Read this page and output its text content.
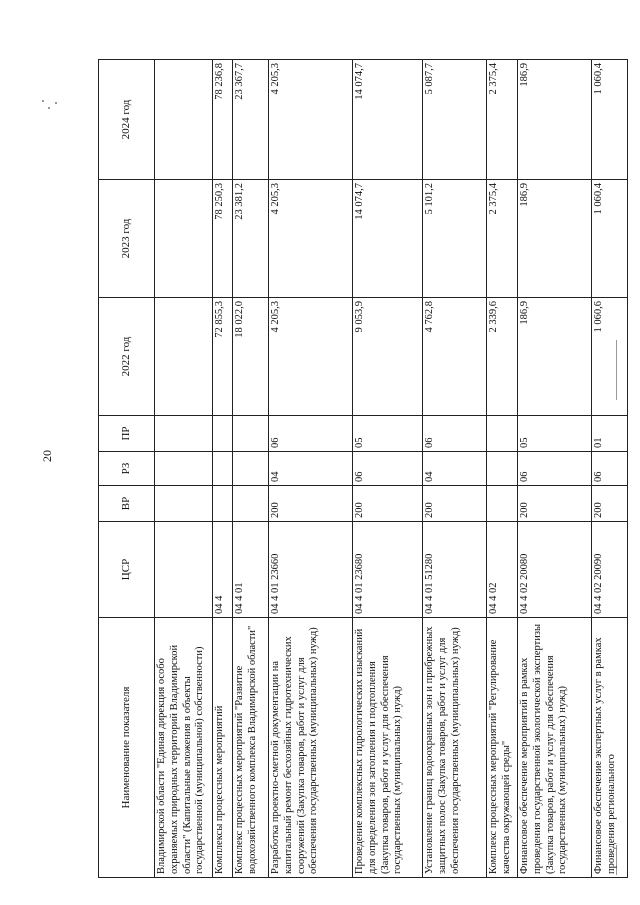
20
Наименование показателя	ЦСР	ВР	РЗ	ПР	2022 год	2023 год	2024 год
Владимирской области "Единая дирекция особо охраняемых природных территорий Владимирской области" (Капитальные вложения в объекты государственной (муниципальной) собственности)							
Комплексы процессных мероприятий	04 4				72 855,3	78 250,3	78 236,8
Комплекс процессных мероприятий "Развитие водохозяйственного комплекса Владимирской области"	04 4 01				18 022,0	23 381,2	23 367,7
Разработка проектно-сметной документации на капитальный ремонт бесхозяйных гидротехнических сооружений (Закупка товаров, работ и услуг для обеспечения государственных (муниципальных) нужд)	04 4 01 23660	200	04	06	4 205,3	4 205,3	4 205,3
Проведение комплексных гидрологических изысканий для определения зон затопления и подтопления (Закупка товаров, работ и услуг для обеспечения государственных (муниципальных) нужд)	04 4 01 23680	200	06	05	9 053,9	14 074,7	14 074,7
Установление границ водоохранных зон и прибрежных защитных полос (Закупка товаров, работ и услуг для обеспечения государственных (муниципальных) нужд)	04 4 01 51280	200	04	06	4 762,8	5 101,2	5 087,7
Комплекс процессных мероприятий "Регулирование качества окружающей среды"	04 4 02				2 339,6	2 375,4	2 375,4
Финансовое обеспечение мероприятий в рамках проведения государственной экологической экспертизы (Закупка товаров, работ и услуг для обеспечения государственных (муниципальных) нужд)	04 4 02 20080	200	06	05	186,9	186,9	186,9
Финансовое обеспечение экспертных услуг в рамках проведения регионального	04 4 02 20090	200	06	01	1 060,6	1 060,4	1 060,4
